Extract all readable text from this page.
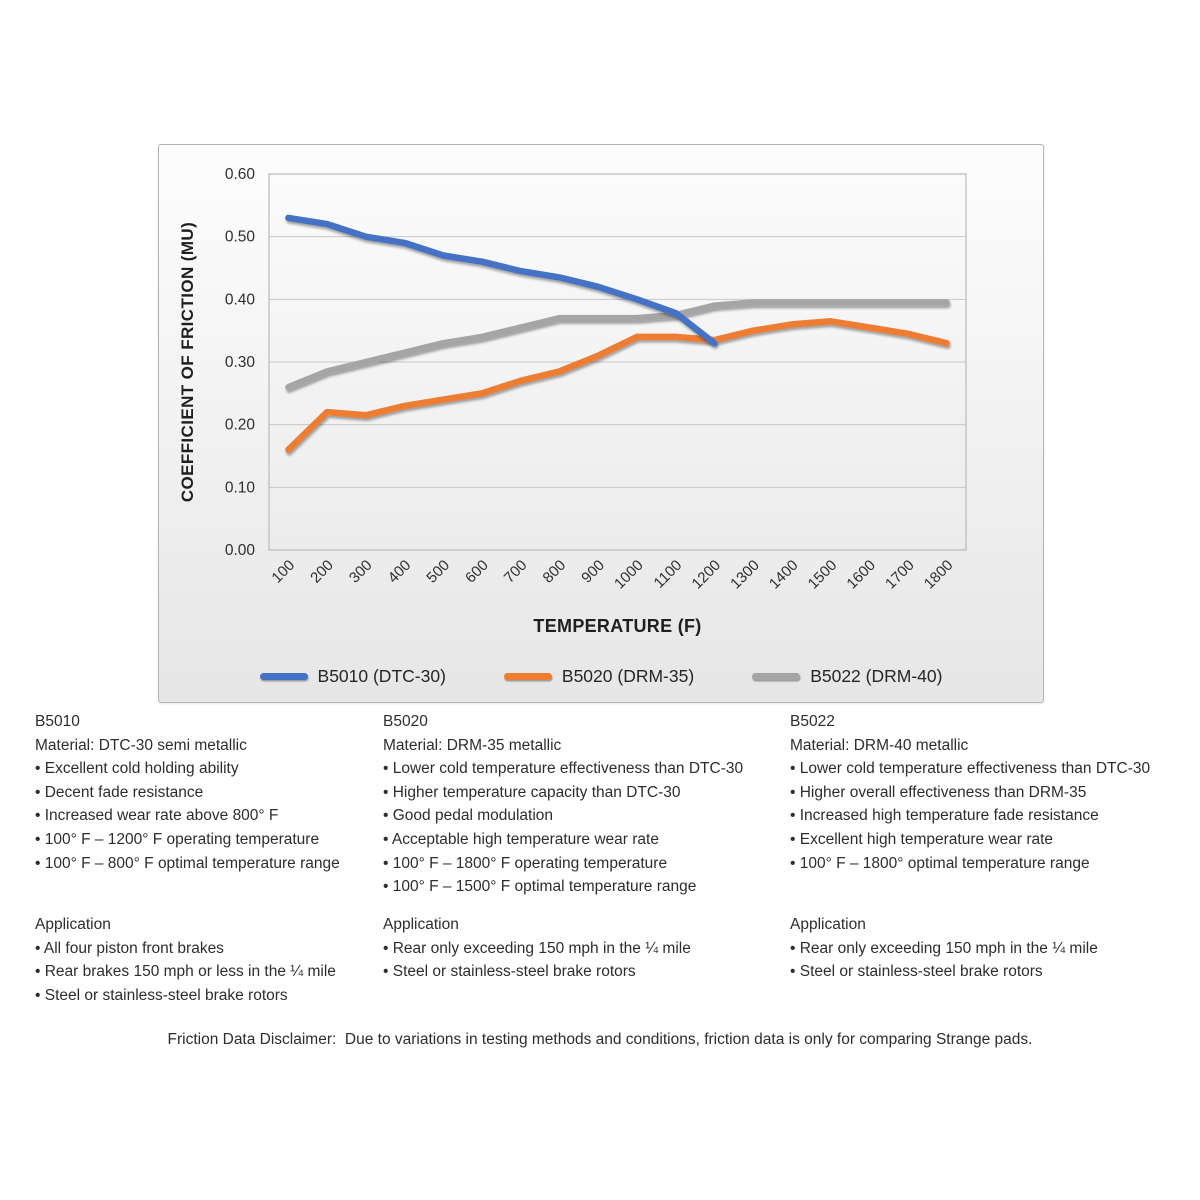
0.00
0.10
0.20
0.30
0.40
0.50
0.60
100 200 300 400 500 600 700 800 900 1000 1100 1200 1300 1400 1500 1600 1700 1800
TEMPERATURE (F)
COEFFICIENT OF FRICTION (MU)
B5010 (DTC-30)	B5020 (DRM-35)	B5022 (DRM-40)
B5010
Material: DTC-30 semi metallic
• Excellent cold holding ability
• Decent fade resistance
• Increased wear rate above 800° F
• 100° F – 1200° F operating temperature
• 100° F – 800° F optimal temperature range
B5020
Material: DRM-35 metallic
• Lower cold temperature effectiveness than DTC-30
• Higher temperature capacity than DTC-30
• Good pedal modulation
• Acceptable high temperature wear rate
• 100° F – 1800° F operating temperature
• 100° F – 1500° F optimal temperature range
B5022
Material: DRM-40 metallic
• Lower cold temperature effectiveness than DTC-30
• Higher overall effectiveness than DRM-35
• Increased high temperature fade resistance
• Excellent high temperature wear rate
• 100° F – 1800° optimal temperature range
Application
• All four piston front brakes
• Rear brakes 150 mph or less in the ¼ mile
• Steel or stainless-steel brake rotors
Application
• Rear only exceeding 150 mph in the ¼ mile
• Steel or stainless-steel brake rotors
Application
• Rear only exceeding 150 mph in the ¼ mile
• Steel or stainless-steel brake rotors
Friction Data Disclaimer:  Due to variations in testing methods and conditions, friction data is only for comparing Strange pads.
